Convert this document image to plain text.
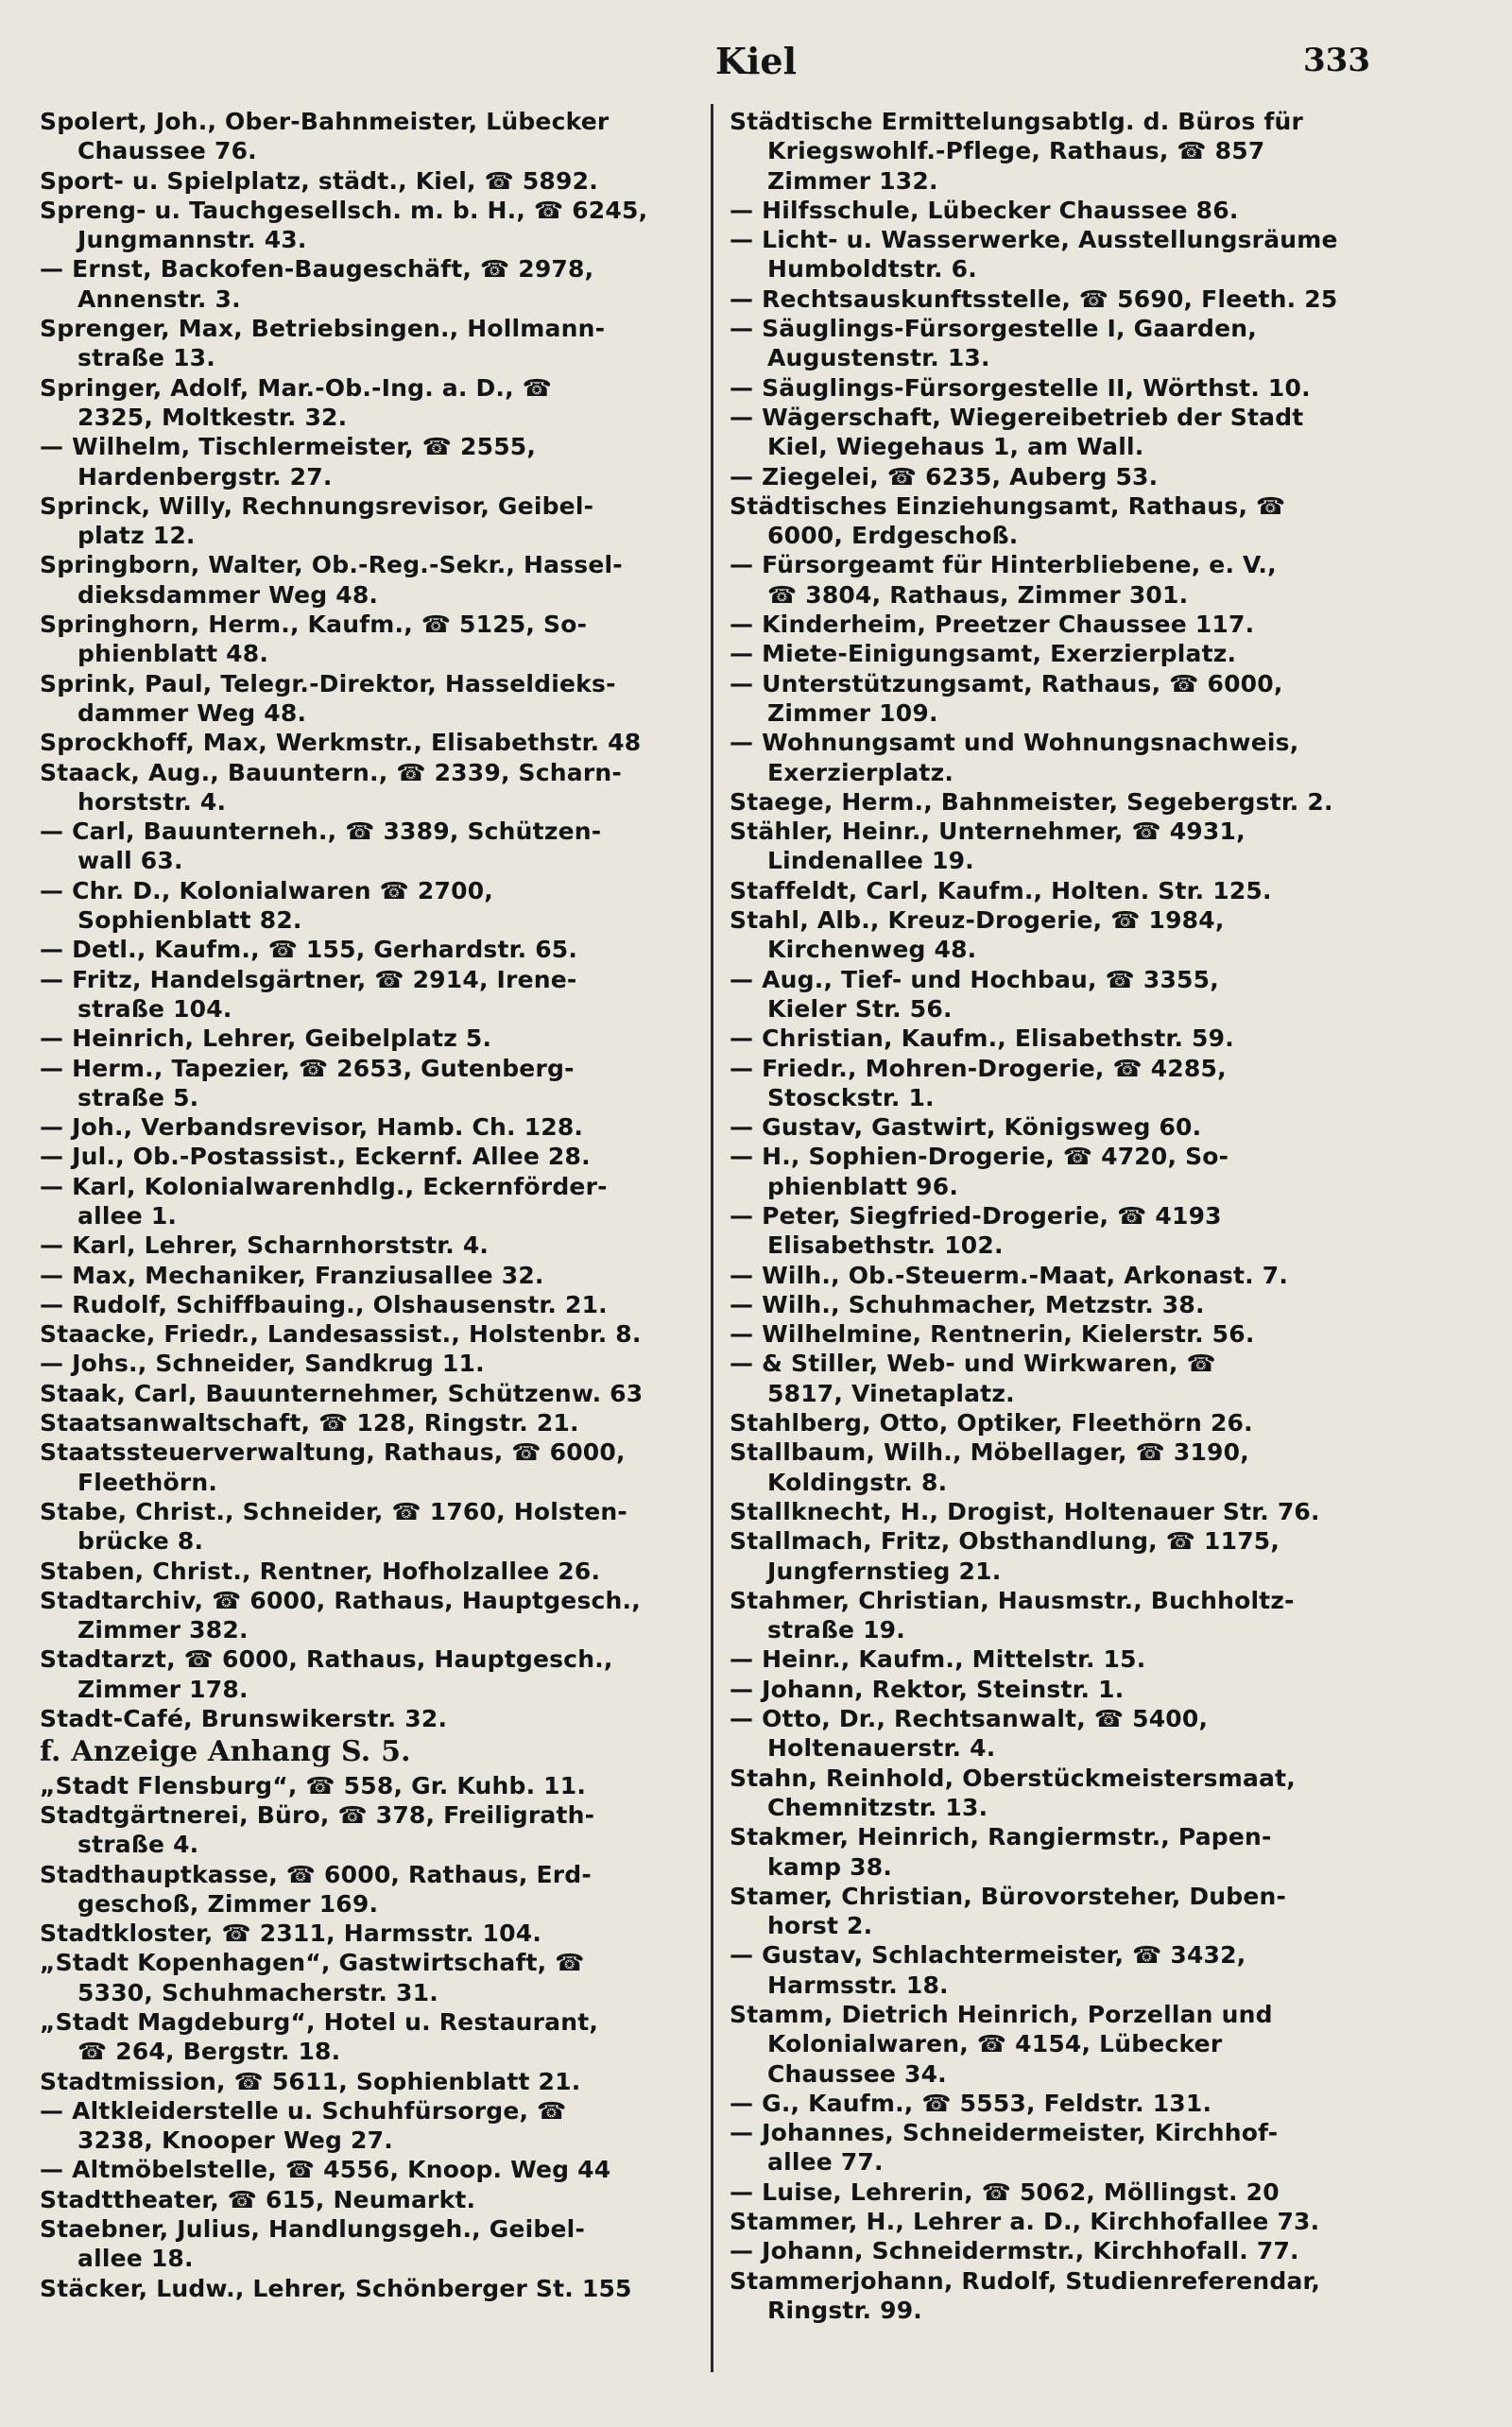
Kiel	333
Spolert, Joh., Ober-Bahnmeister, Lübecker
Chaussee 76.
Sport- u. Spielplatz, städt., Kiel, ☎ 5892.
Spreng- u. Tauchgesellsch. m. b. H., ☎ 6245,
Jungmannstr. 43.
— Ernst, Backofen-Baugeschäft, ☎ 2978,
Annenstr. 3.
Sprenger, Max, Betriebsingen., Hollmann-
straße 13.
Springer, Adolf, Mar.-Ob.-Ing. a. D., ☎
2325, Moltkestr. 32.
— Wilhelm, Tischlermeister, ☎ 2555,
Hardenbergstr. 27.
Sprinck, Willy, Rechnungsrevisor, Geibel-
platz 12.
Springborn, Walter, Ob.-Reg.-Sekr., Hassel-
dieksdammer Weg 48.
Springhorn, Herm., Kaufm., ☎ 5125, So-
phienblatt 48.
Sprink, Paul, Telegr.-Direktor, Hasseldieks-
dammer Weg 48.
Sprockhoff, Max, Werkmstr., Elisabethstr. 48
Staack, Aug., Bauuntern., ☎ 2339, Scharn-
horststr. 4.
— Carl, Bauunterneh., ☎ 3389, Schützen-
wall 63.
— Chr. D., Kolonialwaren ☎ 2700,
Sophienblatt 82.
— Detl., Kaufm., ☎ 155, Gerhardstr. 65.
— Fritz, Handelsgärtner, ☎ 2914, Irene-
straße 104.
— Heinrich, Lehrer, Geibelplatz 5.
— Herm., Tapezier, ☎ 2653, Gutenberg-
straße 5.
— Joh., Verbandsrevisor, Hamb. Ch. 128.
— Jul., Ob.-Postassist., Eckernf. Allee 28.
— Karl, Kolonialwarenhdlg., Eckernförder-
allee 1.
— Karl, Lehrer, Scharnhorststr. 4.
— Max, Mechaniker, Franziusallee 32.
— Rudolf, Schiffbauing., Olshausenstr. 21.
Staacke, Friedr., Landesassist., Holstenbr. 8.
— Johs., Schneider, Sandkrug 11.
Staak, Carl, Bauunternehmer, Schützenw. 63
Staatsanwaltschaft, ☎ 128, Ringstr. 21.
Staatssteuerverwaltung, Rathaus, ☎ 6000,
Fleethörn.
Stabe, Christ., Schneider, ☎ 1760, Holsten-
brücke 8.
Staben, Christ., Rentner, Hofholzallee 26.
Stadtarchiv, ☎ 6000, Rathaus, Hauptgesch.,
Zimmer 382.
Stadtarzt, ☎ 6000, Rathaus, Hauptgesch.,
Zimmer 178.
Stadt-Café, Brunswikerstr. 32.
f. Anzeige Anhang S. 5.
„Stadt Flensburg“, ☎ 558, Gr. Kuhb. 11.
Stadtgärtnerei, Büro, ☎ 378, Freiligrath-
straße 4.
Stadthauptkasse, ☎ 6000, Rathaus, Erd-
geschoß, Zimmer 169.
Stadtkloster, ☎ 2311, Harmsstr. 104.
„Stadt Kopenhagen“, Gastwirtschaft, ☎
5330, Schuhmacherstr. 31.
„Stadt Magdeburg“, Hotel u. Restaurant,
☎ 264, Bergstr. 18.
Stadtmission, ☎ 5611, Sophienblatt 21.
— Altkleiderstelle u. Schuhfürsorge, ☎
3238, Knooper Weg 27.
— Altmöbelstelle, ☎ 4556, Knoop. Weg 44
Stadttheater, ☎ 615, Neumarkt.
Staebner, Julius, Handlungsgeh., Geibel-
allee 18.
Stäcker, Ludw., Lehrer, Schönberger St. 155
Städtische Ermittelungsabtlg. d. Büros für
Kriegswohlf.-Pflege, Rathaus, ☎ 857
Zimmer 132.
— Hilfsschule, Lübecker Chaussee 86.
— Licht- u. Wasserwerke, Ausstellungsräume
Humboldtstr. 6.
— Rechtsauskunftsstelle, ☎ 5690, Fleeth. 25
— Säuglings-Fürsorgestelle I, Gaarden,
Augustenstr. 13.
— Säuglings-Fürsorgestelle II, Wörthst. 10.
— Wägerschaft, Wiegereibetrieb der Stadt
Kiel, Wiegehaus 1, am Wall.
— Ziegelei, ☎ 6235, Auberg 53.
Städtisches Einziehungsamt, Rathaus, ☎
6000, Erdgeschoß.
— Fürsorgeamt für Hinterbliebene, e. V.,
☎ 3804, Rathaus, Zimmer 301.
— Kinderheim, Preetzer Chaussee 117.
— Miete-Einigungsamt, Exerzierplatz.
— Unterstützungsamt, Rathaus, ☎ 6000,
Zimmer 109.
— Wohnungsamt und Wohnungsnachweis,
Exerzierplatz.
Staege, Herm., Bahnmeister, Segebergstr. 2.
Stähler, Heinr., Unternehmer, ☎ 4931,
Lindenallee 19.
Staffeldt, Carl, Kaufm., Holten. Str. 125.
Stahl, Alb., Kreuz-Drogerie, ☎ 1984,
Kirchenweg 48.
— Aug., Tief- und Hochbau, ☎ 3355,
Kieler Str. 56.
— Christian, Kaufm., Elisabethstr. 59.
— Friedr., Mohren-Drogerie, ☎ 4285,
Stosckstr. 1.
— Gustav, Gastwirt, Königsweg 60.
— H., Sophien-Drogerie, ☎ 4720, So-
phienblatt 96.
— Peter, Siegfried-Drogerie, ☎ 4193
Elisabethstr. 102.
— Wilh., Ob.-Steuerm.-Maat, Arkonast. 7.
— Wilh., Schuhmacher, Metzstr. 38.
— Wilhelmine, Rentnerin, Kielerstr. 56.
— & Stiller, Web- und Wirkwaren, ☎
5817, Vinetaplatz.
Stahlberg, Otto, Optiker, Fleethörn 26.
Stallbaum, Wilh., Möbellager, ☎ 3190,
Koldingstr. 8.
Stallknecht, H., Drogist, Holtenauer Str. 76.
Stallmach, Fritz, Obsthandlung, ☎ 1175,
Jungfernstieg 21.
Stahmer, Christian, Hausmstr., Buchholtz-
straße 19.
— Heinr., Kaufm., Mittelstr. 15.
— Johann, Rektor, Steinstr. 1.
— Otto, Dr., Rechtsanwalt, ☎ 5400,
Holtenauerstr. 4.
Stahn, Reinhold, Oberstückmeistersmaat,
Chemnitzstr. 13.
Stakmer, Heinrich, Rangiermstr., Papen-
kamp 38.
Stamer, Christian, Bürovorsteher, Duben-
horst 2.
— Gustav, Schlachtermeister, ☎ 3432,
Harmsstr. 18.
Stamm, Dietrich Heinrich, Porzellan und
Kolonialwaren, ☎ 4154, Lübecker
Chaussee 34.
— G., Kaufm., ☎ 5553, Feldstr. 131.
— Johannes, Schneidermeister, Kirchhof-
allee 77.
— Luise, Lehrerin, ☎ 5062, Möllingst. 20
Stammer, H., Lehrer a. D., Kirchhofallee 73.
— Johann, Schneidermstr., Kirchhofall. 77.
Stammerjohann, Rudolf, Studienreferendar,
Ringstr. 99.
